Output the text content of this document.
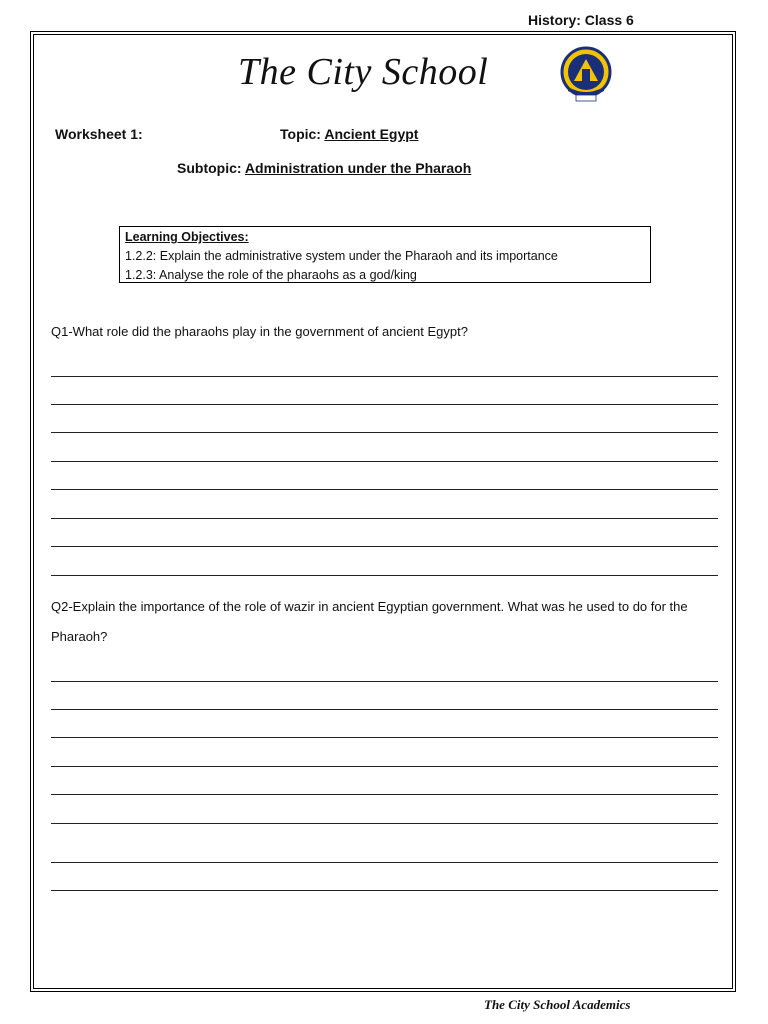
History: Class 6
The City School
Worksheet 1:	Topic: Ancient Egypt
Subtopic: Administration under the Pharaoh
Learning Objectives:
1.2.2: Explain the administrative system under the Pharaoh and its importance
1.2.3: Analyse the role of the pharaohs as a god/king
Q1-What role did the pharaohs play in the government of ancient Egypt?
Q2-Explain the importance of the role of wazir in ancient Egyptian government. What was he used to do for the Pharaoh?
The City School Academics
